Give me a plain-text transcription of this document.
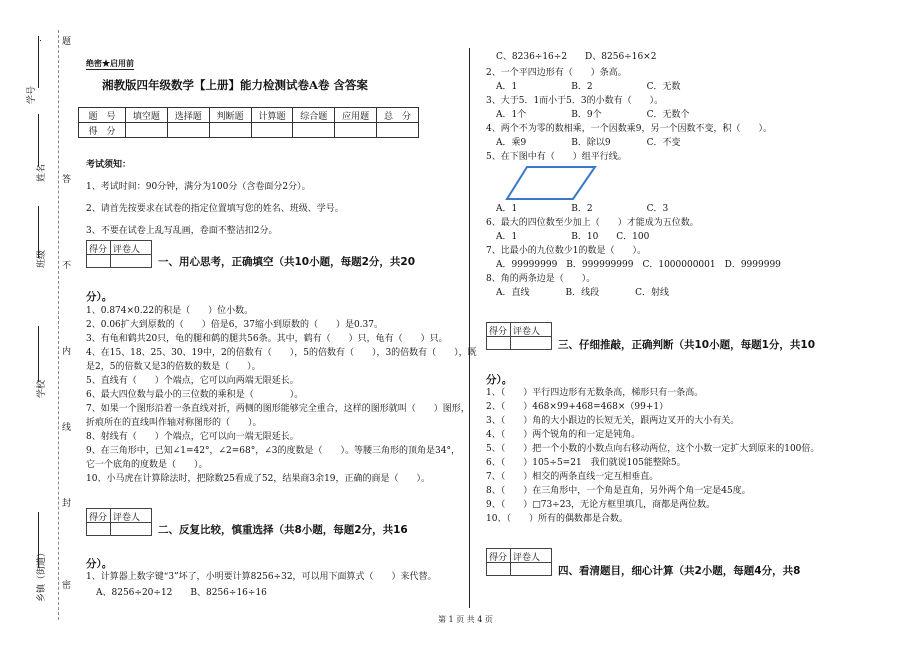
学号
姓名
班级
学校
乡镇（街道）
题
答
不
内
线
封
密
绝密★启用前
湘教版四年级数学【上册】能力检测试卷A卷 含答案
题　号	填空题	选择题	判断题	计算题	综合题	应用题	总　分
得　分							
考试须知：
1、考试时间：90分钟，满分为100分（含卷面分2分）。
2、请首先按要求在试卷的指定位置填写您的姓名、班级、学号。
3、不要在试卷上乱写乱画，卷面不整洁扣2分。
得分 评卷人
一、用心思考，正确填空（共10小题，每题2分，共20
分）。
1、0.874×0.22的积是（　　）位小数。
2、0.06扩大到原数的（　　）倍是6，37缩小到原数的（　　）是0.37。
3、有龟和鹤共20只，龟的腿和鹤的腿共56条。其中，鹤有（　　）只，龟有（　　）只。
4、在15、18、25、30、19中，2的倍数有（　　），5的倍数有（　　），3的倍数有（　　），既
是2，5的倍数又是3的倍数的数是（　　）。
5、直线有（　　）个端点，它可以向两端无限延长。
6、最大四位数与最小的三位数的乘积是（　　　　）。
7、如果一个图形沿着一条直线对折，两侧的图形能够完全重合，这样的图形就叫（　　）图形，
折痕所在的直线叫作轴对称图形的（　　）。
8、射线有（　　）个端点，它可以向一端无限延长。
9、在三角形中，已知∠1=42°，∠2=68°，∠3的度数是（　　）。等腰三角形的顶角是34°，
它一个底角的度数是（　　）。
10、小马虎在计算除法时，把除数25看成了52，结果商3余19，正确的商是（　　）。
得分 评卷人
二、反复比较，慎重选择（共8小题，每题2分，共16
分）。
1、计算器上数字键“3”坏了，小明要计算8256÷32，可以用下面算式（　　）来代替。
A、8256÷20÷12　　B、8256÷16÷16
C、8236÷16÷2　　D、8256÷16×2
2、一个平四边形有（　　）条高。
A．1　　　　　　B．2　　　　　　C．无数
3、大于5．1而小于5．3的小数有（　　）。
A．1个　　　　　B．9个　　　　　C．无数个
4、两个不为零的数相乘，一个因数乘9，另一个因数不变，积（　　）。
A．乘9　　　　　B．除以9　　　　C．不变
5、在下图中有（　　）组平行线。
A．1　　　　　　B．2　　　　　　C．3
6、最大的四位数至少加上（　　）才能成为五位数。
A．1　　　　　　B．10　　C．100
7、比最小的九位数少1的数是（　　）。
A．99999999　B．999999999　C．1000000001　D．9999999
8、角的两条边是（　　）。
A．直线　　　　B．线段　　　　C．射线
得分 评卷人
三、仔细推敲，正确判断（共10小题，每题1分，共10
分）。
1、（　　）平行四边形有无数条高，梯形只有一条高。
2、（　　）468×99+468=468×（99+1）
3、（　　）角的大小跟边的长短无关，跟两边叉开的大小有关。
4、（　　）两个锐角的和一定是钝角。
5、（　　）把一个小数的小数点向右移动两位，这个小数一定扩大到原来的100倍。
6、（　　）105÷5=21　我们就说105能整除5。
7、（　　）相交的两条直线一定互相垂直。
8、（　　）在三角形中，一个角是直角，另外两个角一定是45度。
9、（　　）□73÷23，无论方框里填几，商都是两位数。
10、（　　）所有的偶数都是合数。
得分 评卷人
四、看清题目，细心计算（共2小题，每题4分，共8
第 1 页 共 4 页
